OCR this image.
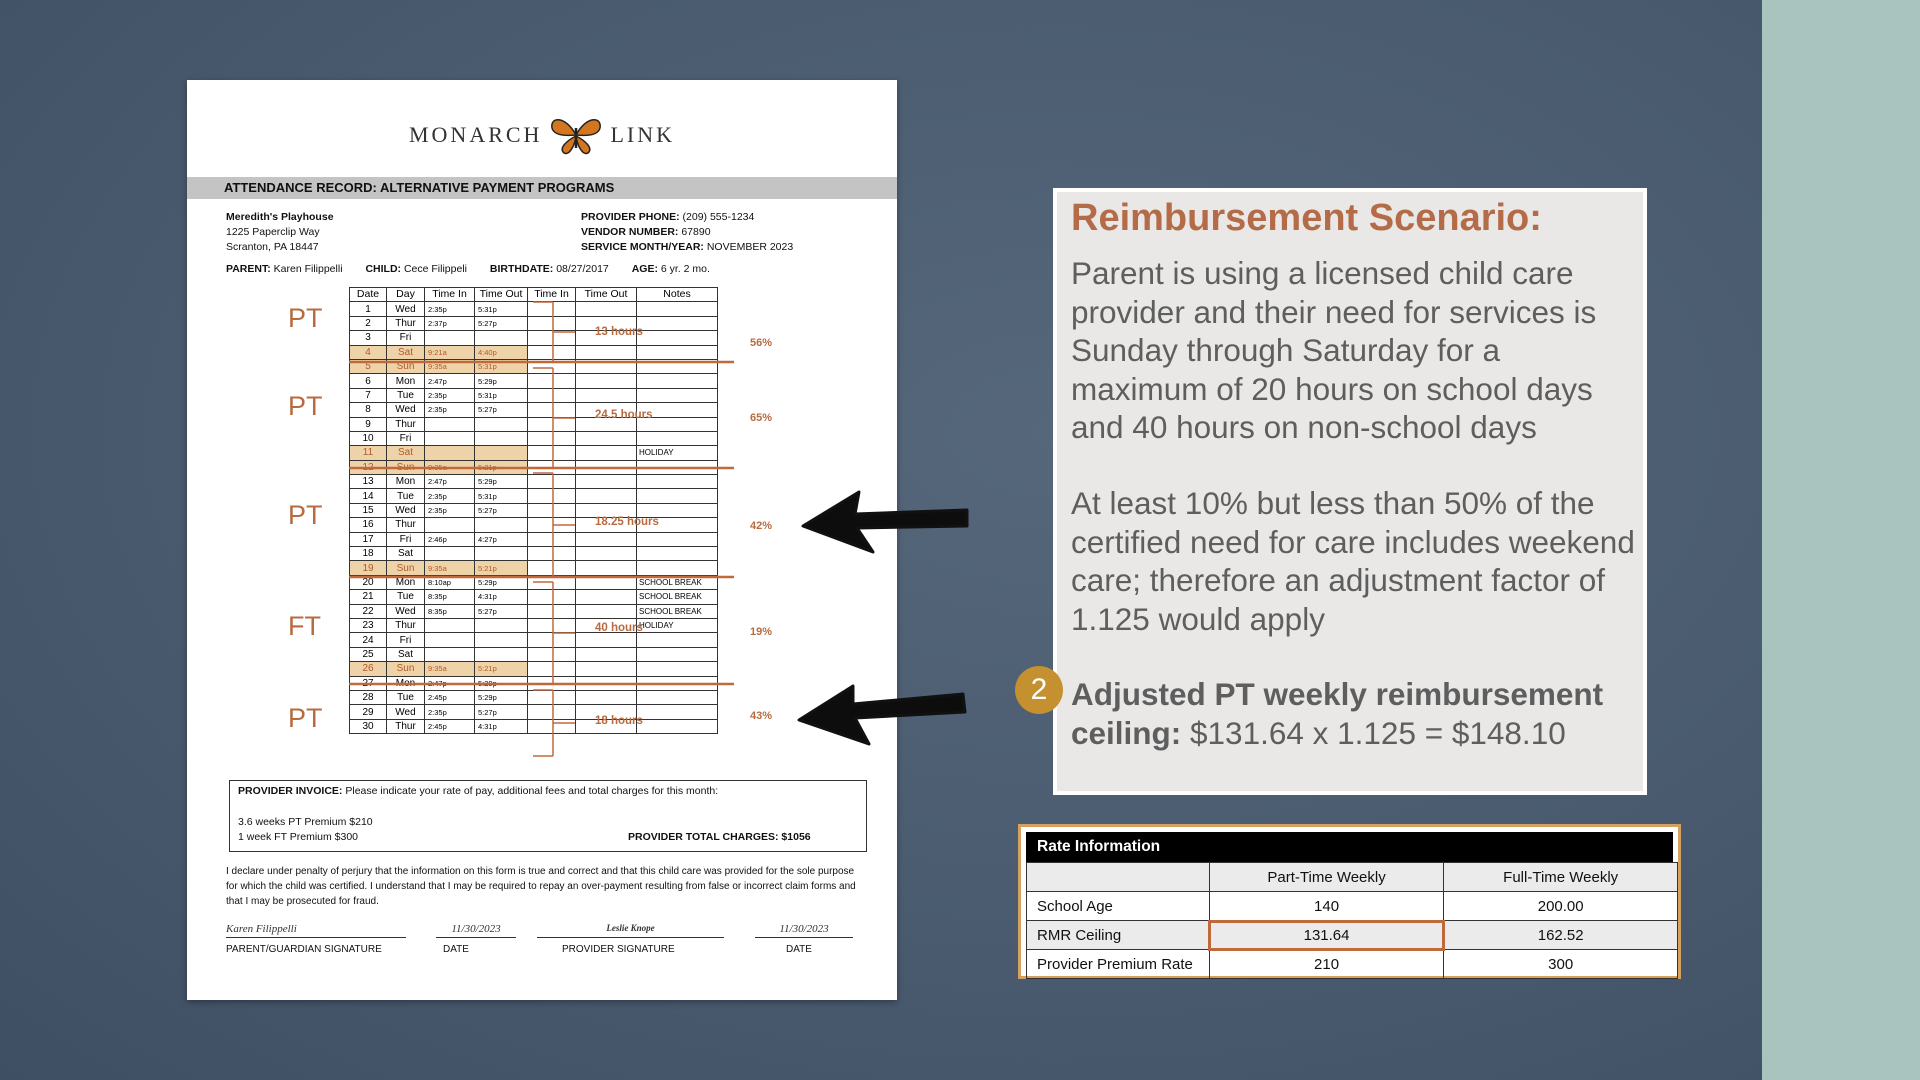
MONARCH	LINK
ATTENDANCE RECORD: ALTERNATIVE PAYMENT PROGRAMS
Meredith's Playhouse
1225 Paperclip Way
Scranton, PA 18447
PROVIDER PHONE: (209) 555-1234
VENDOR NUMBER: 67890
SERVICE MONTH/YEAR: NOVEMBER 2023
PARENT: Karen Filippelli CHILD: Cece Filippeli BIRTHDATE: 08/27/2017 AGE: 6 yr. 2 mo.
Date	Day	Time In	Time Out	Time In	Time Out	Notes
1	Wed	2:35p	5:31p			
2	Thur	2:37p	5:27p			
3	Fri					
4	Sat	9:21a	4:40p			
5	Sun	9:35a	5:31p			
6	Mon	2:47p	5:29p			
7	Tue	2:35p	5:31p			
8	Wed	2:35p	5:27p			
9	Thur					
10	Fri					
11	Sat					HOLIDAY
12	Sun	9:35a	5:21p			
13	Mon	2:47p	5:29p			
14	Tue	2:35p	5:31p			
15	Wed	2:35p	5:27p			
16	Thur					
17	Fri	2:46p	4:27p			
18	Sat					
19	Sun	9:35a	5:21p			
20	Mon	8:10ap	5:29p			SCHOOL BREAK
21	Tue	8:35p	4:31p			SCHOOL BREAK
22	Wed	8:35p	5:27p			SCHOOL BREAK
23	Thur					HOLIDAY
24	Fri					
25	Sat					
26	Sun	9:35a	5:21p			
27	Mon	2:47p	5:29p			
28	Tue	2:45p	5:29p			
29	Wed	2:35p	5:27p			
30	Thur	2:45p	4:31p			
PT
PT
PT
FT
PT
13 hours
24.5 hours
18.25 hours
40 hours
18 hours
56%
65%
42%
19%
43%
PROVIDER INVOICE: Please indicate your rate of pay, additional fees and total charges for this month:
3.6 weeks PT Premium $210
1 week FT Premium $300	PROVIDER TOTAL CHARGES: $1056
I declare under penalty of perjury that the information on this form is true and correct and that this child care was provided for the sole purpose for which the child was certified. I understand that I may be required to repay an over-payment resulting from false or incorrect claim forms and that I may be prosecuted for fraud.
Karen Filippelli	11/30/2023	Leslie Knope	11/30/2023
PARENT/GUARDIAN SIGNATURE	DATE	PROVIDER SIGNATURE	DATE
Reimbursement Scenario:
Parent is using a licensed child care provider and their need for services is Sunday through Saturday for a maximum of 20 hours on school days and 40 hours on non-school days
At least 10% but less than 50% of the certified need for care includes weekend care; therefore an adjustment factor of 1.125 would apply
Adjusted PT weekly reimbursement ceiling: $131.64 x 1.125 = $148.10
2
Rate Information
	Part-Time Weekly	Full-Time Weekly
School Age	140	200.00
RMR Ceiling	131.64	162.52
Provider Premium Rate	210	300
